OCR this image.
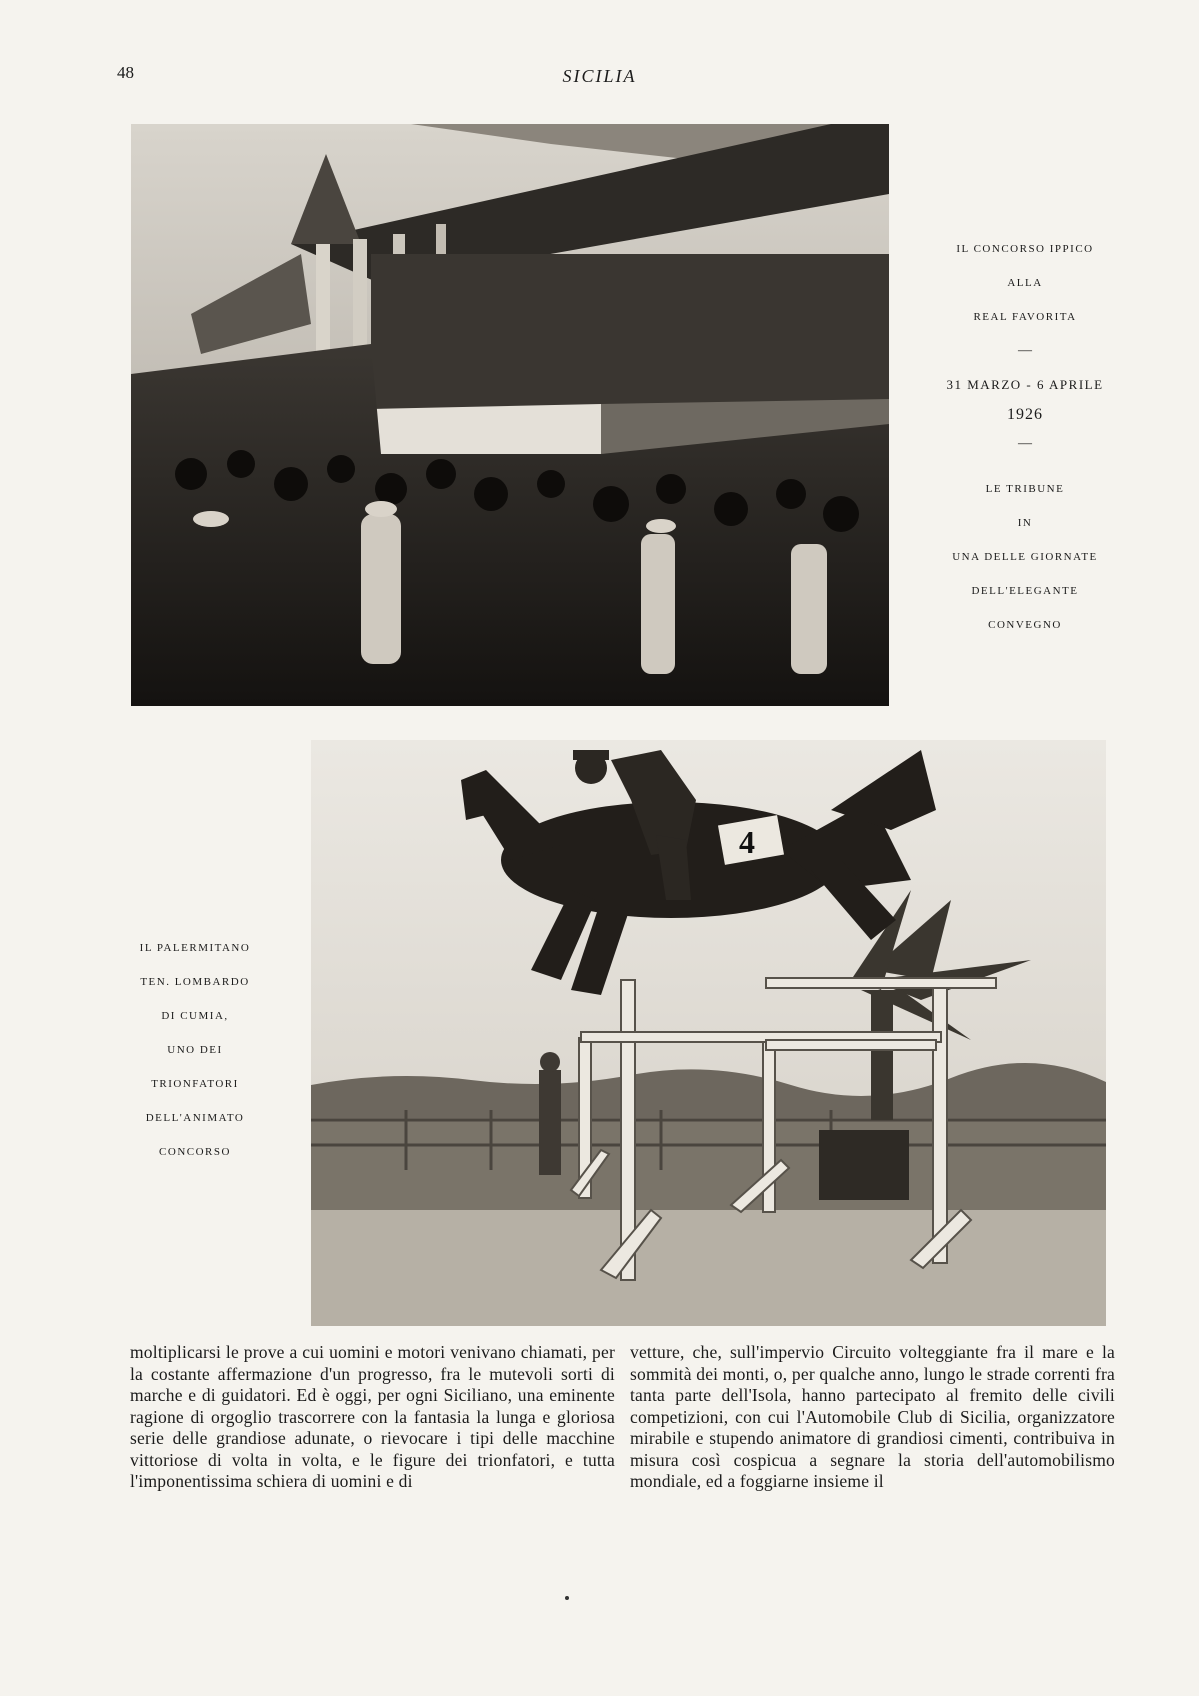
48	SICILIA
IL CONCORSO IPPICO
ALLA
REAL FAVORITA
—
31 MARZO - 6 APRILE
1926
—
LE TRIBUNE
IN
UNA DELLE GIORNATE
DELL'ELEGANTE
CONVEGNO
4
IL PALERMITANO
TEN. LOMBARDO
DI CUMIA,
UNO DEI
TRIONFATORI
DELL'ANIMATO
CONCORSO

moltiplicarsi le prove a cui uomini e motori venivano chiamati, per la costante affermazione d'un progresso, fra le mutevoli sorti di marche e di guidatori. Ed è oggi, per ogni Siciliano, una eminente ragione di orgoglio trascorrere con la fantasia la lunga e gloriosa serie delle grandiose adunate, o rievocare i tipi delle macchine vittoriose di volta in volta, e le figure dei trionfatori, e tutta l'imponentissima schiera di uomini e di

vetture, che, sull'impervio Circuito volteggiante fra il mare e la sommità dei monti, o, per qualche anno, lungo le strade correnti fra tanta parte dell'Isola, hanno partecipato al fremito delle civili competizioni, con cui l'Automobile Club di Sicilia, organizzatore mirabile e stupendo animatore di grandiosi cimenti, contribuiva in misura così cospicua a segnare la storia dell'automobilismo mondiale, ed a foggiarne insieme il
